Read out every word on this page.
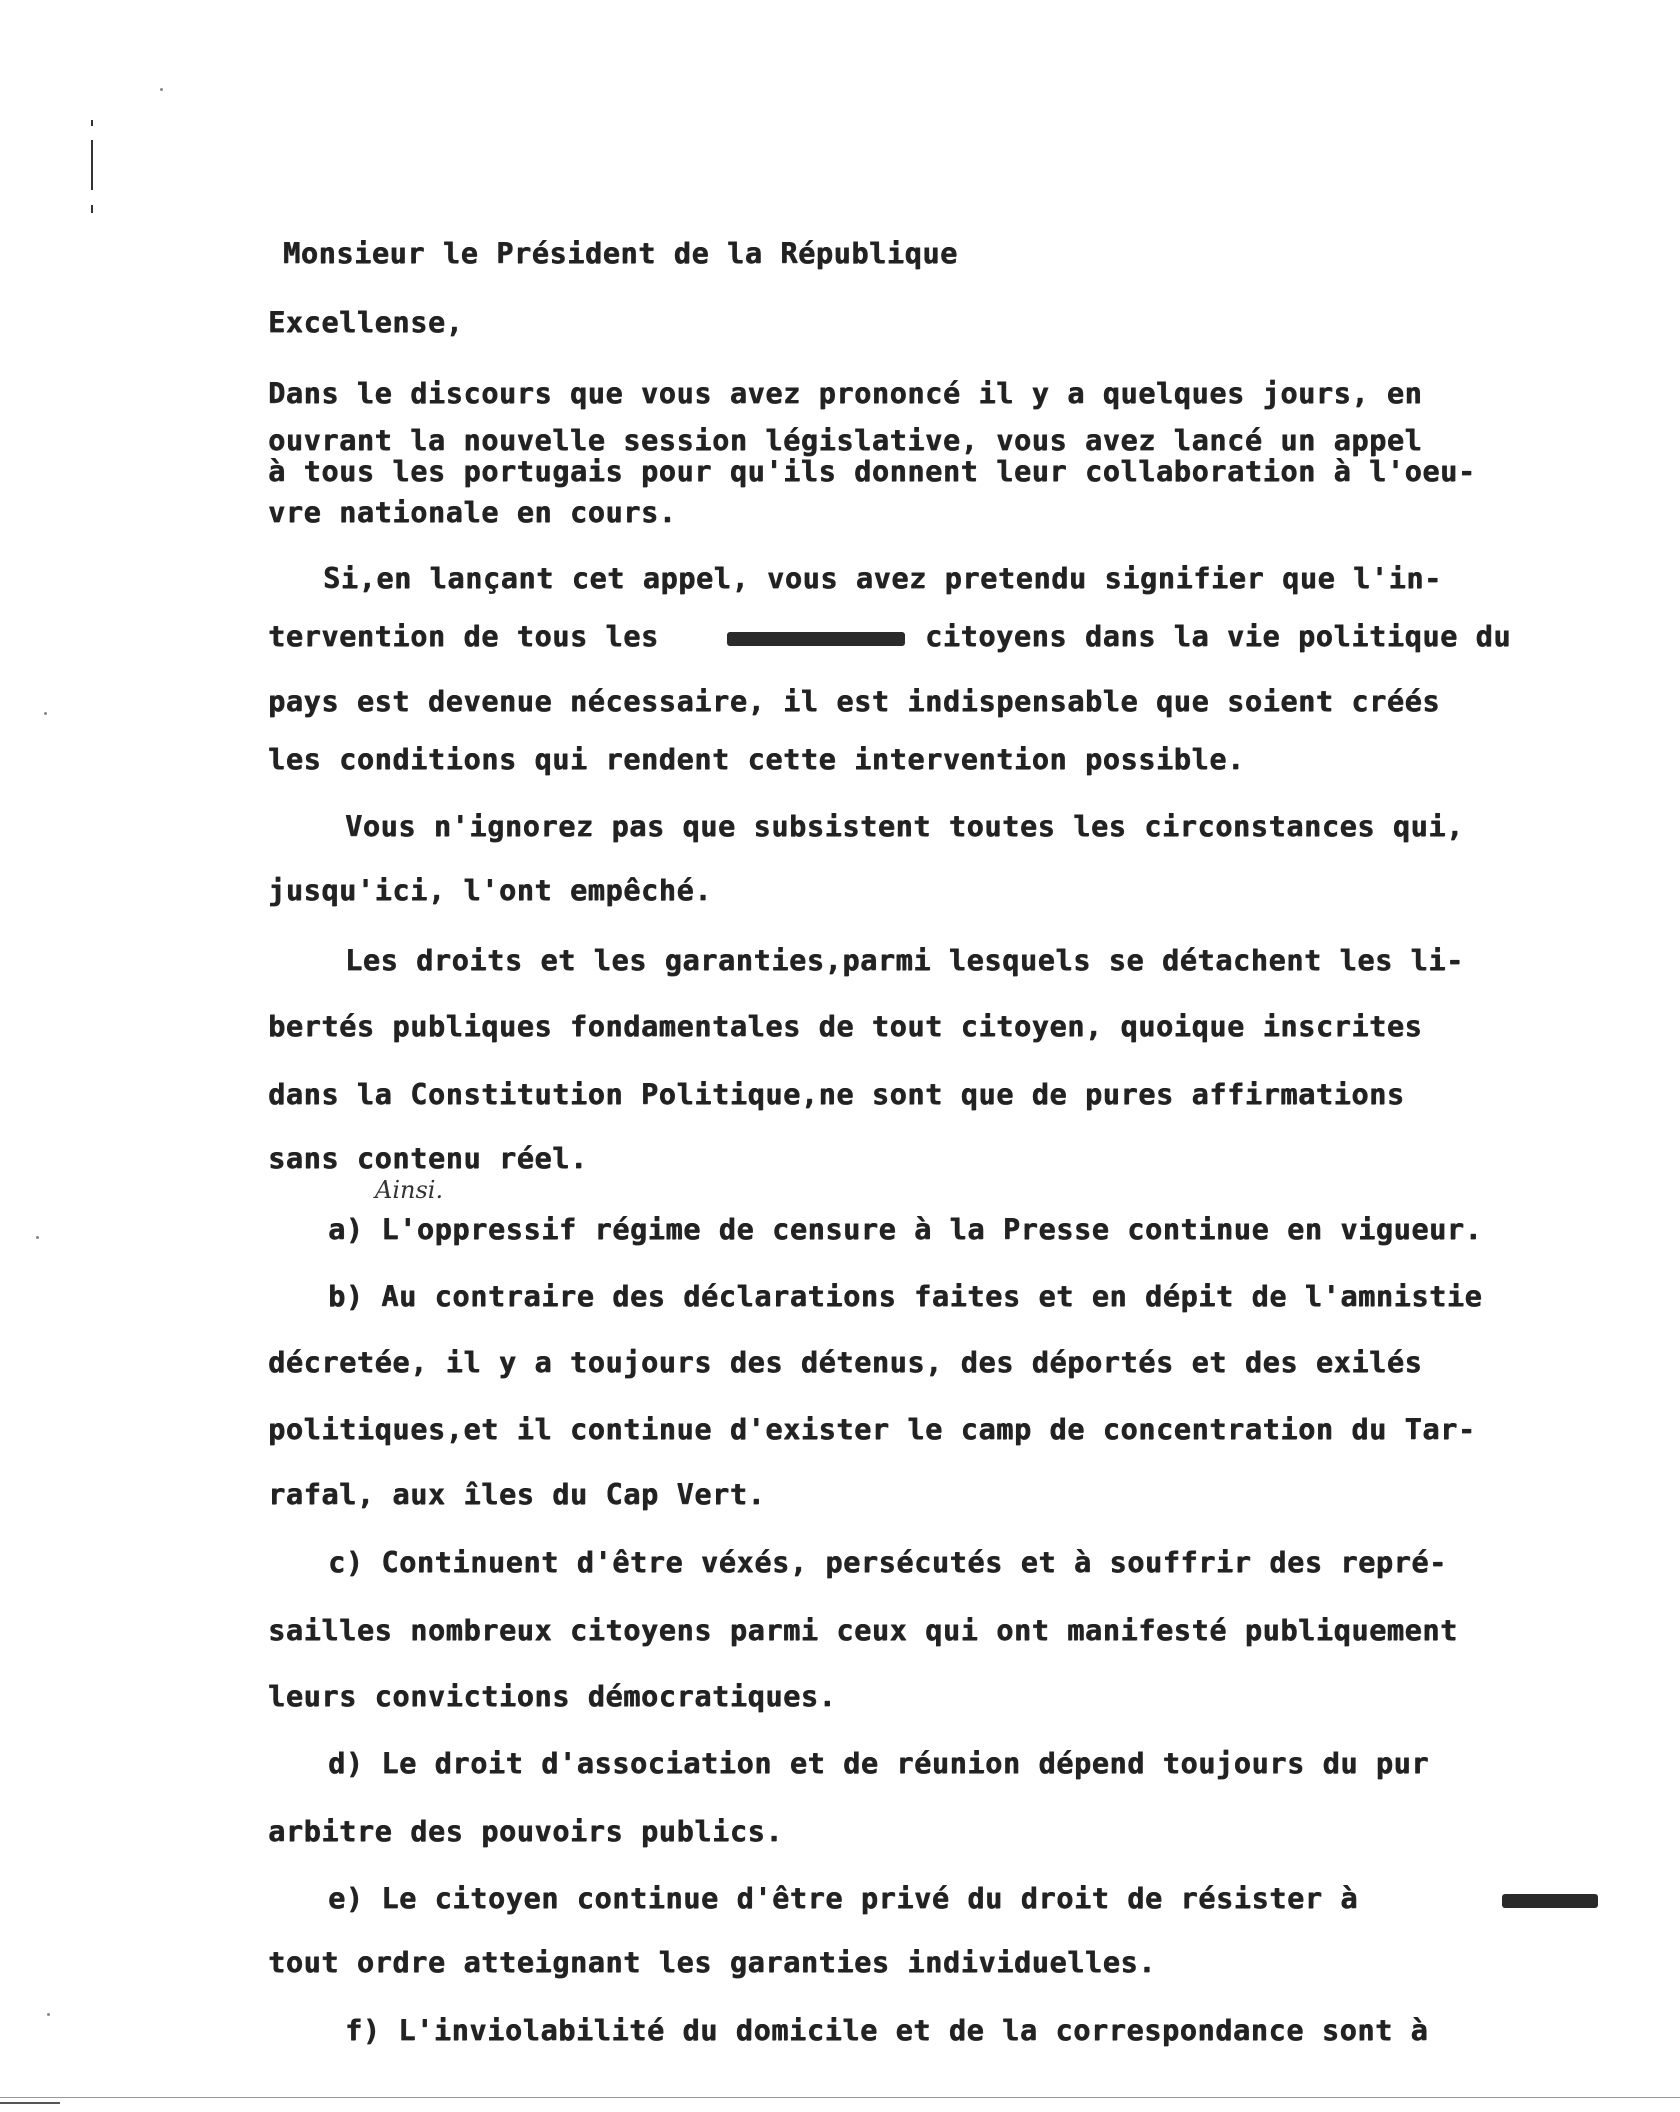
Monsieur le Président de la République
Excellense,
Dans le discours que vous avez prononcé il y a quelques jours, en
ouvrant la nouvelle session législative, vous avez lancé un appel
à tous les portugais pour qu'ils donnent leur collaboration à l'oeu-
vre nationale en cours.
Si,en lançant cet appel, vous avez pretendu signifier que l'in-
tervention de tous les	citoyens dans la vie politique du
pays est devenue nécessaire, il est indispensable que soient créés
les conditions qui rendent cette intervention possible.
Vous n'ignorez pas que subsistent toutes les circonstances qui,
jusqu'ici, l'ont empêché.
Les droits et les garanties,parmi lesquels se détachent les li-
bertés publiques fondamentales de tout citoyen, quoique inscrites
dans la Constitution Politique,ne sont que de pures affirmations
sans contenu réel.
Ainsi.
a) L'oppressif régime de censure à la Presse continue en vigueur.
b) Au contraire des déclarations faites et en dépit de l'amnistie
décretée, il y a toujours des détenus, des déportés et des exilés
politiques,et il continue d'exister le camp de concentration du Tar-
rafal, aux îles du Cap Vert.
c) Continuent d'être véxés, persécutés et à souffrir des repré-
sailles nombreux citoyens parmi ceux qui ont manifesté publiquement
leurs convictions démocratiques.
d) Le droit d'association et de réunion dépend toujours du pur
arbitre des pouvoirs publics.
e) Le citoyen continue d'être privé du droit de résister à
tout ordre atteignant les garanties individuelles.
f) L'inviolabilité du domicile et de la correspondance sont à
